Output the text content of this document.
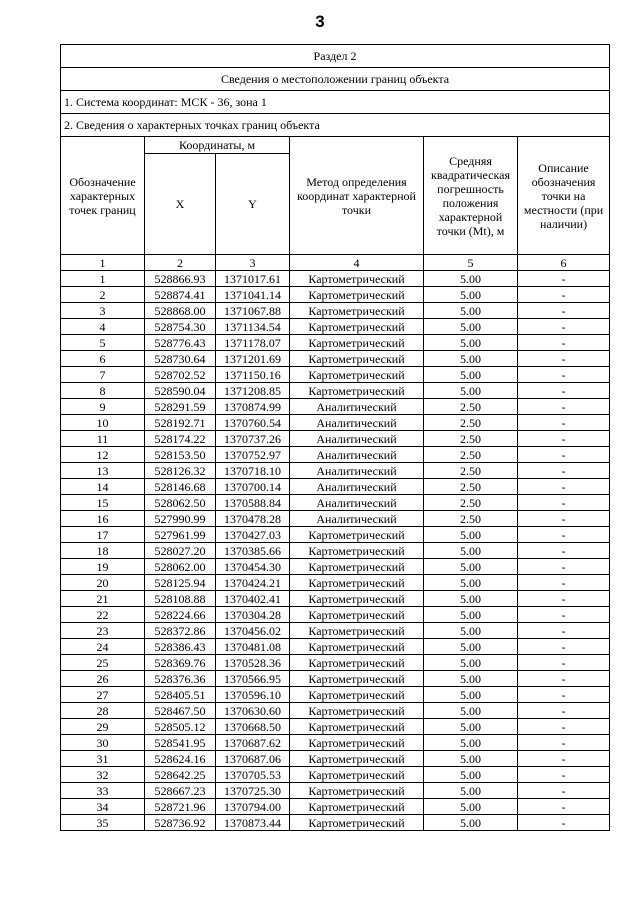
3
Раздел 2					
Сведения о местоположении границ объекта					
1. Система координат: МСК - 36, зона 1					
2. Сведения о характерных точках границ объекта					
Обозначение характерных точек границ	Координаты, м		Метод определения координат характерной точки	Средняя квадратическая погрешность положения характерной точки (Mt), м	Описание обозначения точки на местности (при наличии)
	X	Y			
1	2	3	4	5	6
1	528866.93	1371017.61	Картометрический	5.00	-
2	528874.41	1371041.14	Картометрический	5.00	-
3	528868.00	1371067.88	Картометрический	5.00	-
4	528754.30	1371134.54	Картометрический	5.00	-
5	528776.43	1371178.07	Картометрический	5.00	-
6	528730.64	1371201.69	Картометрический	5.00	-
7	528702.52	1371150.16	Картометрический	5.00	-
8	528590.04	1371208.85	Картометрический	5.00	-
9	528291.59	1370874.99	Аналитический	2.50	-
10	528192.71	1370760.54	Аналитический	2.50	-
11	528174.22	1370737.26	Аналитический	2.50	-
12	528153.50	1370752.97	Аналитический	2.50	-
13	528126.32	1370718.10	Аналитический	2.50	-
14	528146.68	1370700.14	Аналитический	2.50	-
15	528062.50	1370588.84	Аналитический	2.50	-
16	527990.99	1370478.28	Аналитический	2.50	-
17	527961.99	1370427.03	Картометрический	5.00	-
18	528027.20	1370385.66	Картометрический	5.00	-
19	528062.00	1370454.30	Картометрический	5.00	-
20	528125.94	1370424.21	Картометрический	5.00	-
21	528108.88	1370402.41	Картометрический	5.00	-
22	528224.66	1370304.28	Картометрический	5.00	-
23	528372.86	1370456.02	Картометрический	5.00	-
24	528386.43	1370481.08	Картометрический	5.00	-
25	528369.76	1370528.36	Картометрический	5.00	-
26	528376.36	1370566.95	Картометрический	5.00	-
27	528405.51	1370596.10	Картометрический	5.00	-
28	528467.50	1370630.60	Картометрический	5.00	-
29	528505.12	1370668.50	Картометрический	5.00	-
30	528541.95	1370687.62	Картометрический	5.00	-
31	528624.16	1370687.06	Картометрический	5.00	-
32	528642.25	1370705.53	Картометрический	5.00	-
33	528667.23	1370725.30	Картометрический	5.00	-
34	528721.96	1370794.00	Картометрический	5.00	-
35	528736.92	1370873.44	Картометрический	5.00	-
